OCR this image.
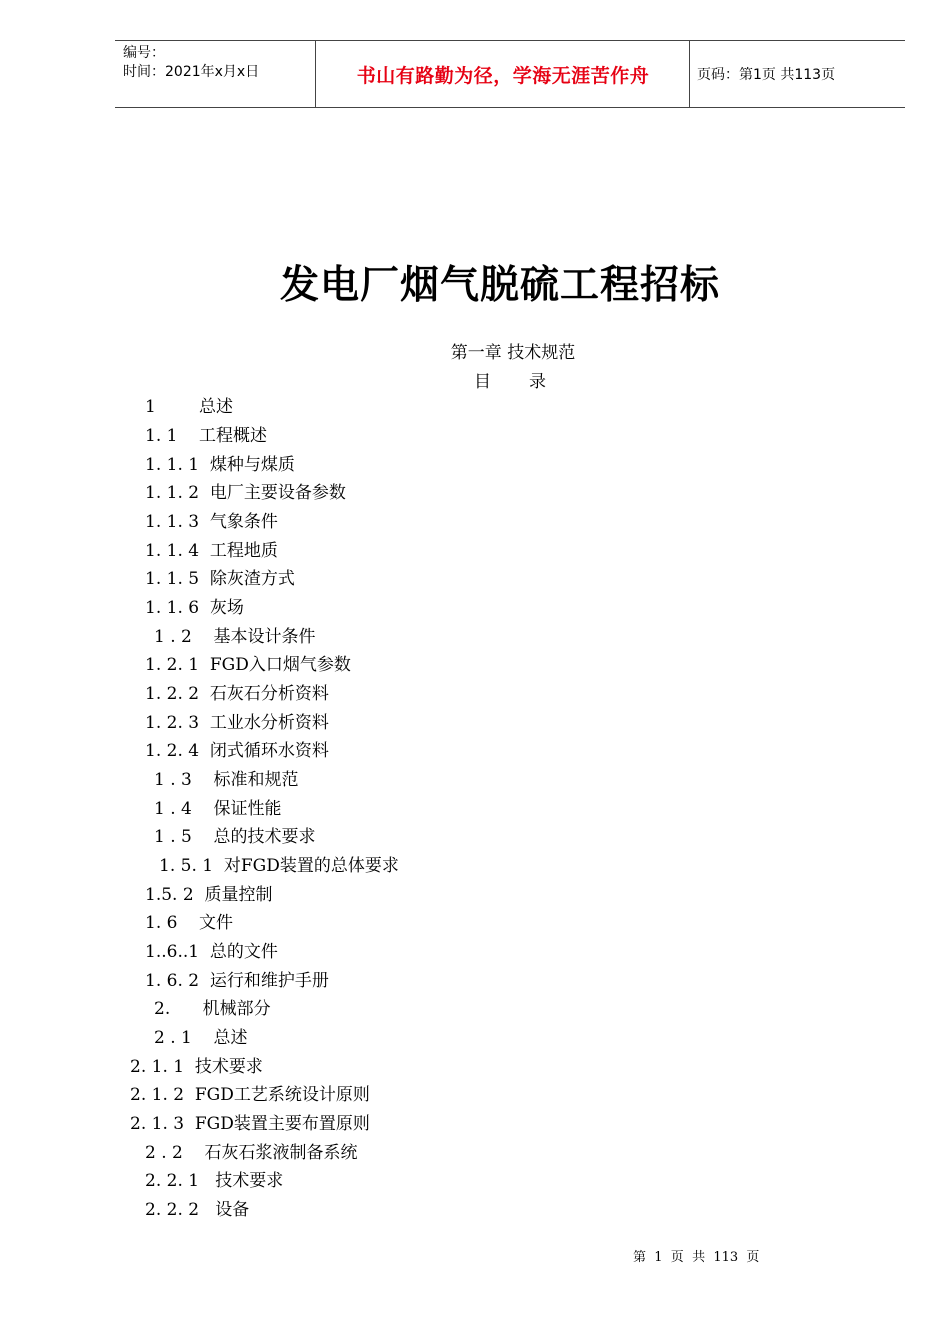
编号：
时间：2021年x月x日	书山有路勤为径，学海无涯苦作舟	页码：第1页 共113页
发电厂烟气脱硫工程招标
第一章 技术规范
目 录
1        总述
1. 1    工程概述
1. 1. 1  煤种与煤质
1. 1. 2  电厂主要设备参数
1. 1. 3  气象条件
1. 1. 4  工程地质
1. 1. 5  除灰渣方式
1. 1. 6  灰场
1 . 2    基本设计条件
1. 2. 1  FGD入口烟气参数
1. 2. 2  石灰石分析资料
1. 2. 3  工业水分析资料
1. 2. 4  闭式循环水资料
1 . 3    标准和规范
1 . 4    保证性能
1 . 5    总的技术要求
1. 5. 1  对FGD装置的总体要求
1.5. 2  质量控制
1. 6    文件
1..6..1  总的文件
1. 6. 2  运行和维护手册
2.      机械部分
2 . 1    总述
2. 1. 1  技术要求
2. 1. 2  FGD工艺系统设计原则
2. 1. 3  FGD装置主要布置原则
2 . 2    石灰石浆液制备系统
2. 2. 1   技术要求
2. 2. 2   设备
第  1  页  共  113  页
